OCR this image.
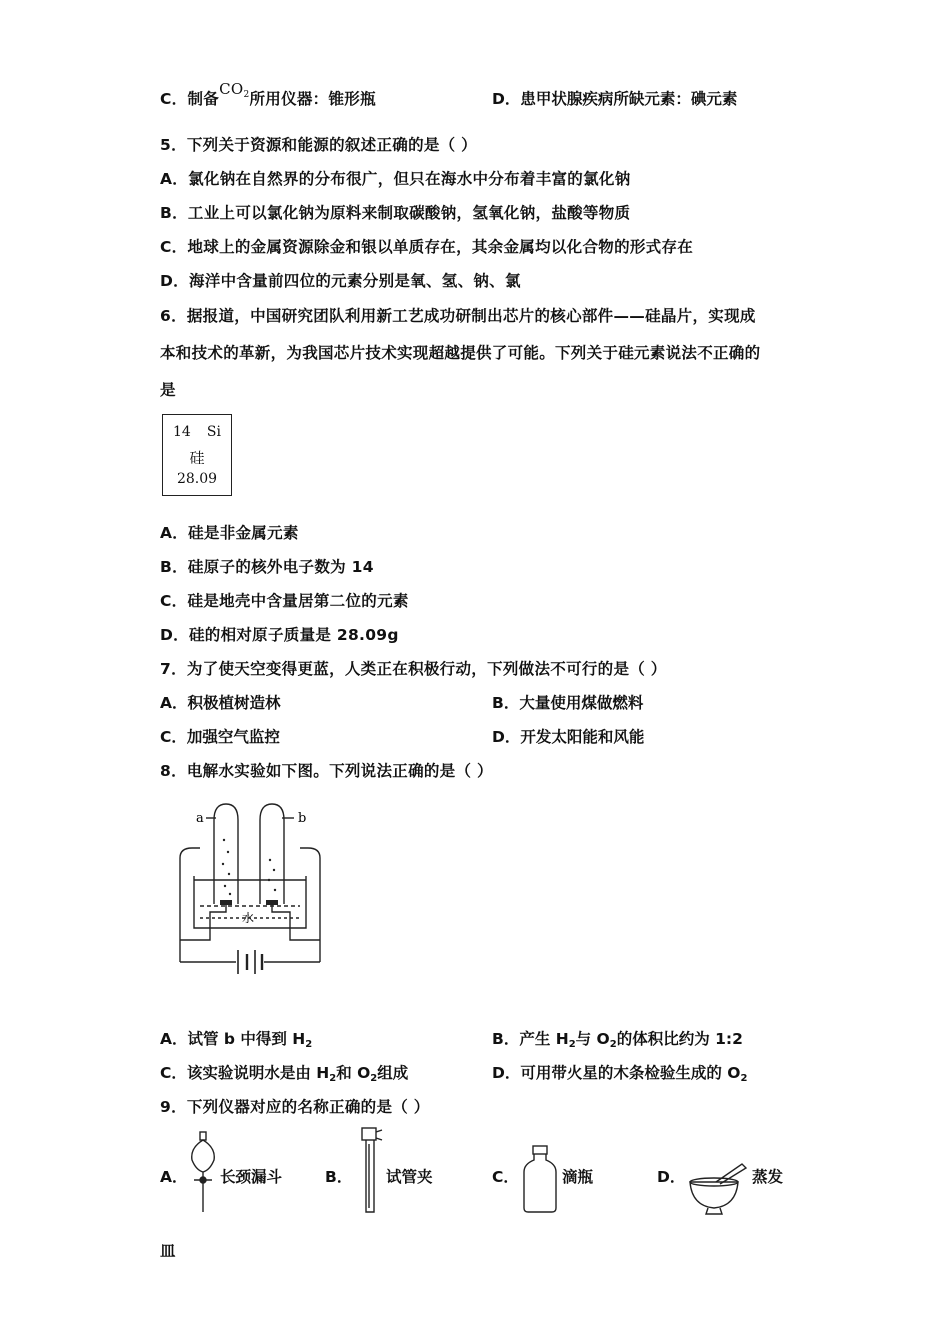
C．制备$CO_2$所用仪器：锥形瓶	D．患甲状腺疾病所缺元素：碘元素
5．下列关于资源和能源的叙述正确的是（ ）
A．氯化钠在自然界的分布很广，但只在海水中分布着丰富的氯化钠
B．工业上可以氯化钠为原料来制取碳酸钠，氢氧化钠，盐酸等物质
C．地球上的金属资源除金和银以单质存在，其余金属均以化合物的形式存在
D．海洋中含量前四位的元素分别是氧、氢、钠、氯
6．据报道，中国研究团队利用新工艺成功研制出芯片的核心部件——硅晶片，实现成
本和技术的革新，为我国芯片技术实现超越提供了可能。下列关于硅元素说法不正确的
是
14 Si
硅
28.09
A．硅是非金属元素
B．硅原子的核外电子数为 14
C．硅是地壳中含量居第二位的元素
D．硅的相对原子质量是 28.09g
7．为了使天空变得更蓝，人类正在积极行动，下列做法不可行的是（ ）
A．积极植树造林	B．大量使用煤做燃料
C．加强空气监控	D．开发太阳能和风能
8．电解水实验如下图。下列说法正确的是（ ）
a	b
水
A．试管 b 中得到 $H_2$	B．产生 $H_2$与 $O_2$的体积比约为 1:2
C．该实验说明水是由 $H_2$和 $O_2$组成	D．可用带火星的木条检验生成的 $O_2$
9．下列仪器对应的名称正确的是（ ）
A． 长颈漏斗	B． 试管夹	C．	滴瓶	D．	蒸发
皿
